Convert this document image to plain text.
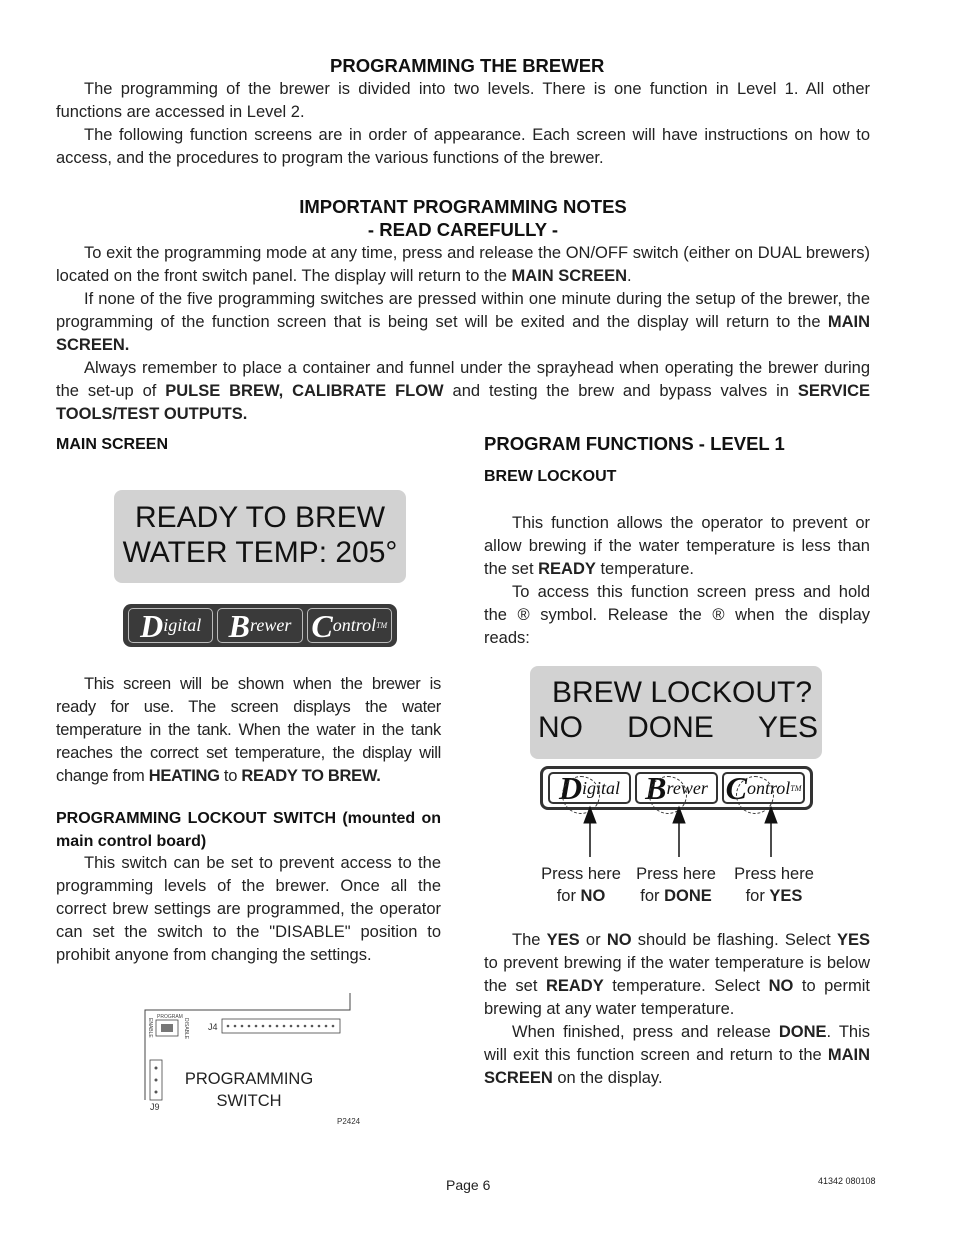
PROGRAMMING THE BREWER

The programming of the brewer is divided into two levels. There is one function in Level 1. All other functions are accessed in Level 2.

The following function screens are in order of appearance. Each screen will have instructions on how to access, and the procedures to program the various functions of the brewer.

IMPORTANT PROGRAMMING NOTES
- READ CAREFULLY -

To exit the programming mode at any time, press and release the ON/OFF switch (either on DUAL brewers) located on the front switch panel. The display will return to the MAIN SCREEN.

If none of the five programming switches are pressed within one minute during the setup of the brewer, the programming of the function screen that is being set will be exited and the display will return to the MAIN SCREEN.

Always remember to place a container and funnel under the sprayhead when operating the brewer during the set-up of PULSE BREW, CALIBRATE FLOW and testing the brew and bypass valves in SERVICE TOOLS/TEST OUTPUTS.

MAIN SCREEN
READY TO BREW
WATER TEMP: 205°
D igital B rewer C ontrol TM

This screen will be shown when the brewer is ready for use. The screen displays the water temperature in the tank. When the water in the tank reaches the correct set temperature, the display will change from HEATING to READY TO BREW.

PROGRAMMING LOCKOUT SWITCH (mounted on main control board)

This switch can be set to prevent access to the programming levels of the brewer. Once all the correct brew settings are programmed, the operator can set the switch to the "DISABLE" position to prohibit anyone from changing the settings.

PROGRAM
J4
J9
P2424
ENABLE	DISABLE
PROGRAMMING
SWITCH
PROGRAM FUNCTIONS - LEVEL 1
BREW LOCKOUT

This function allows the operator to prevent or allow brewing if the water temperature is less than the set READY temperature.

To access this function screen press and hold the ® symbol. Release the ® when the display reads:

BREW LOCKOUT?
NO DONE YES
D igital B rewer C ontrol TM
Press here
for NO
Press here
for DONE
Press here
for YES

The YES or NO should be flashing. Select YES to prevent brewing if the water temperature is below the set READY temperature. Select NO to permit brewing at any water temperature.

When finished, press and release DONE. This will exit this function screen and return to the MAIN SCREEN on the display.

Page 6	41342 080108
